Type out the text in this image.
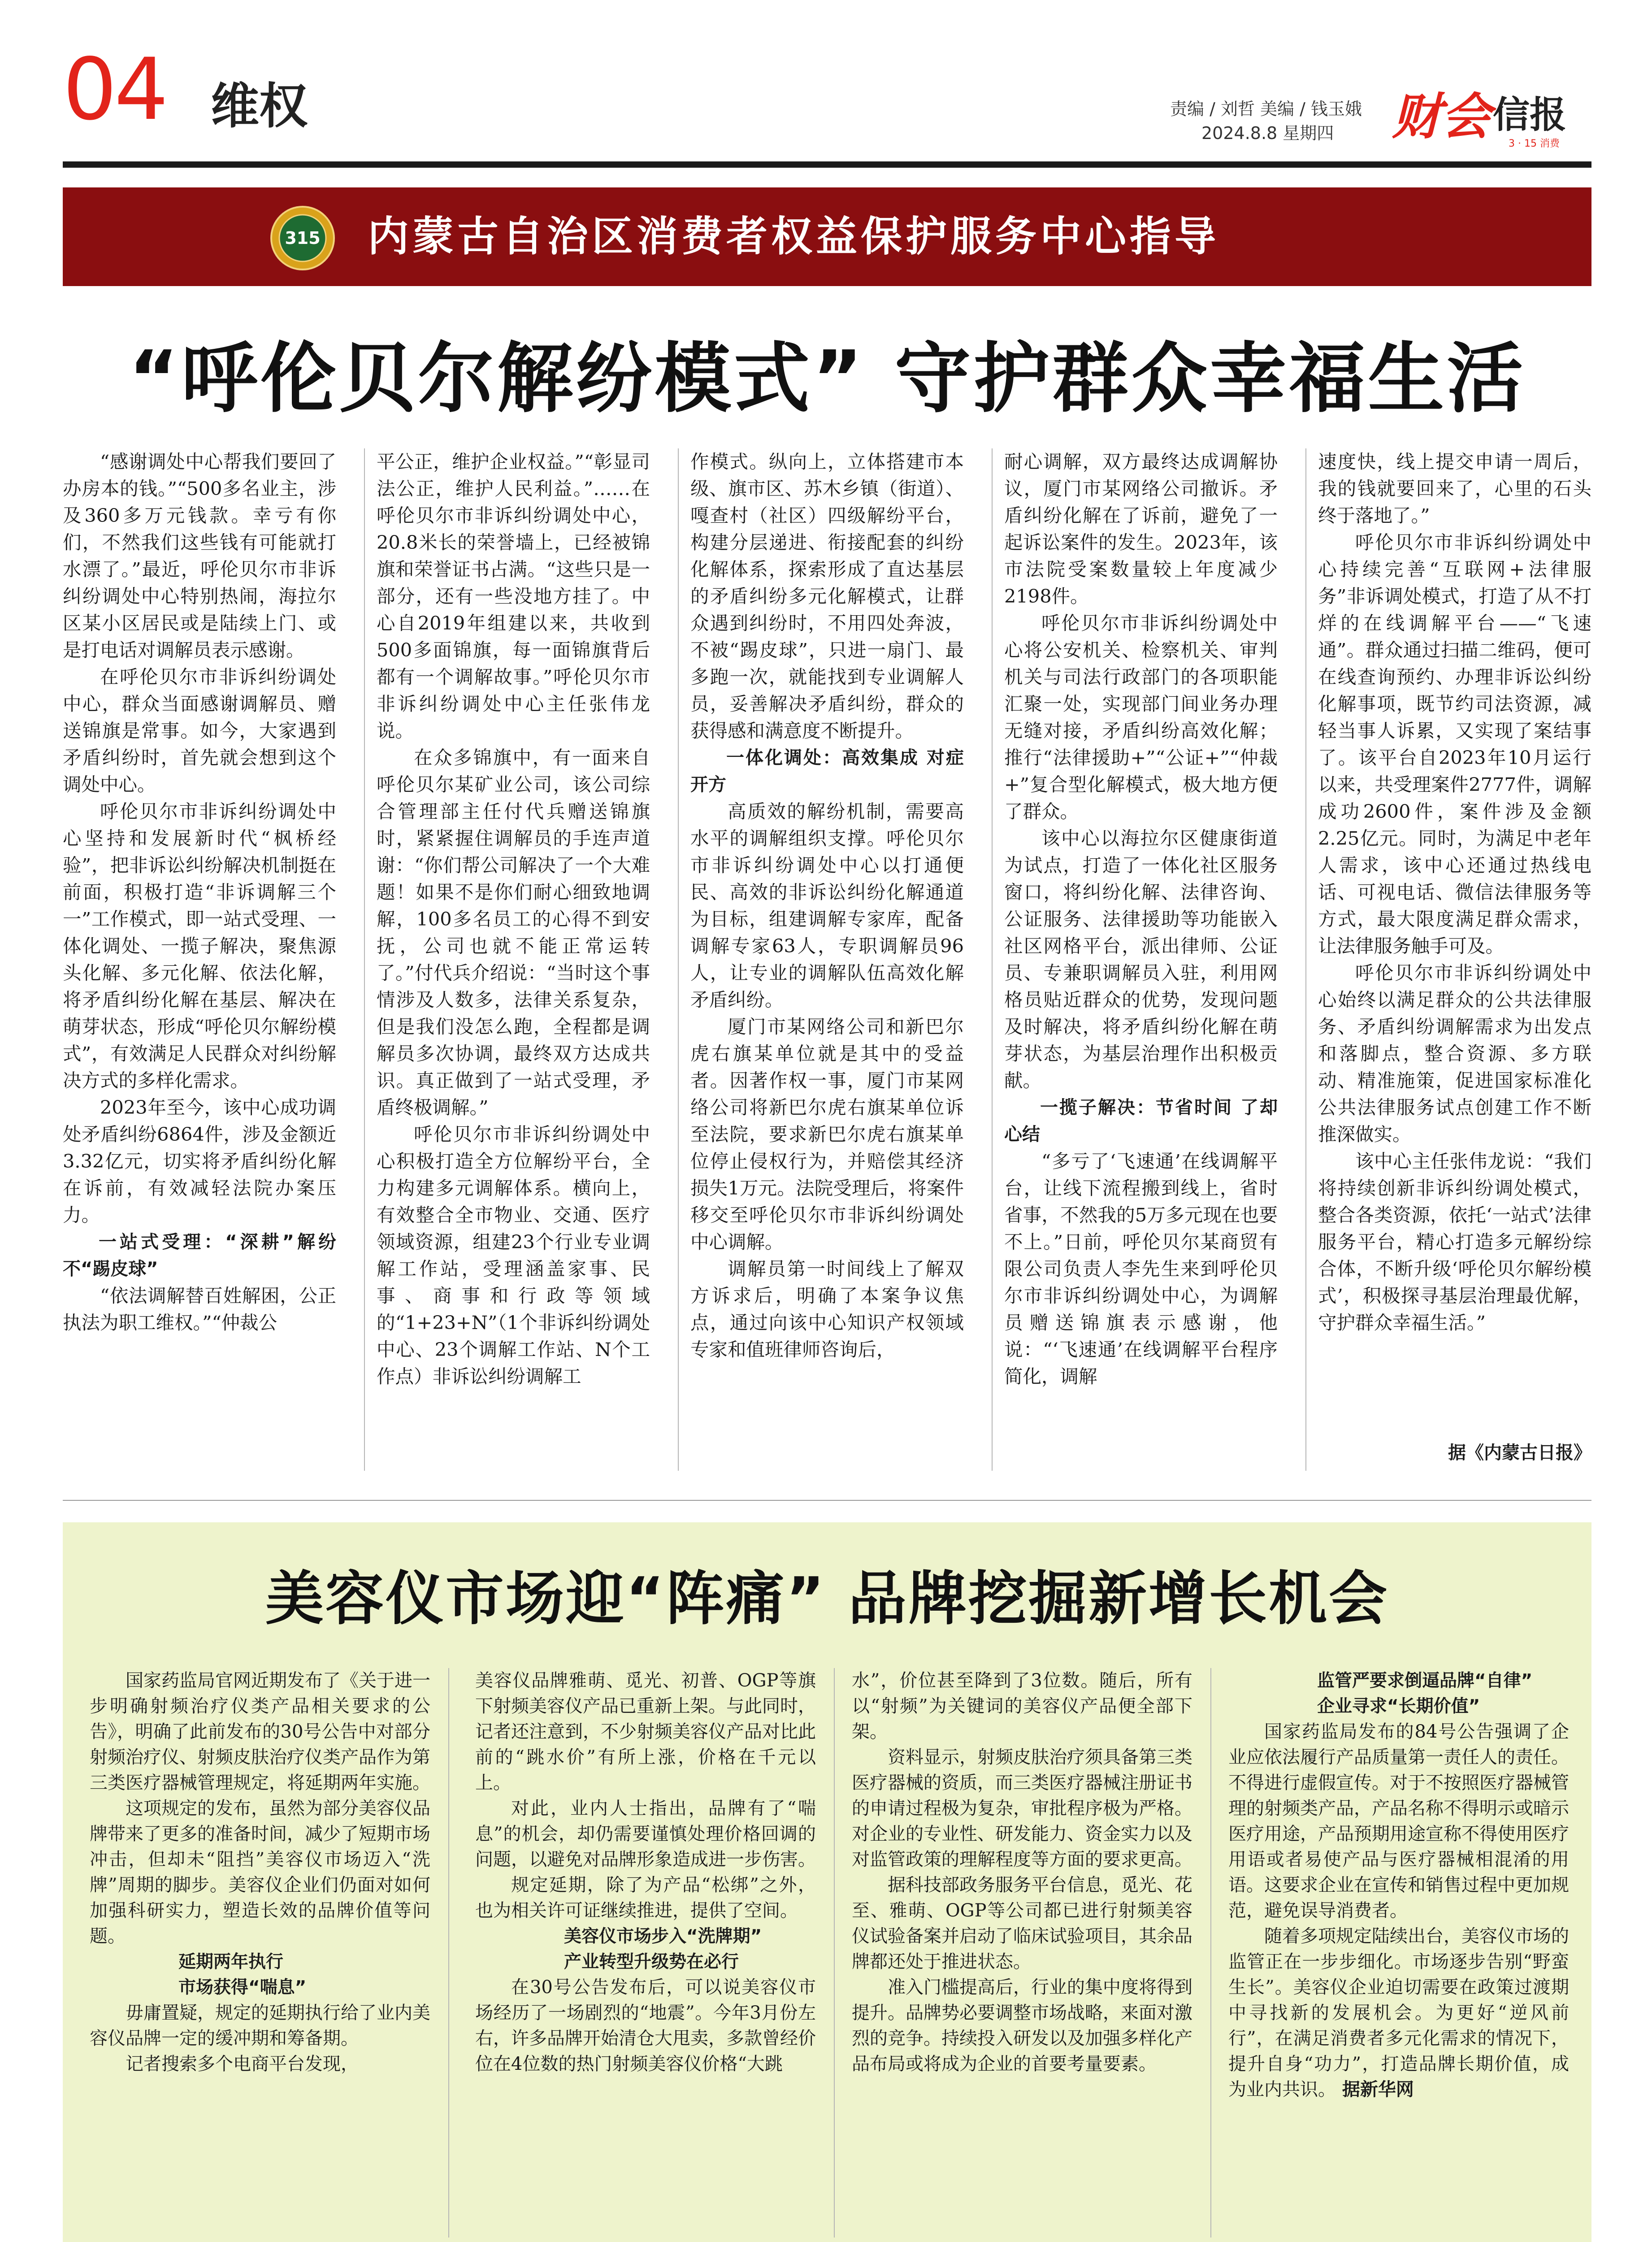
04 维权	责编 / 刘哲 美编 / 钱玉娥
2024.8.8 星期四 财会 信报
3 · 15 消费
315 内蒙古自治区消费者权益保护服务中心指导
“呼伦贝尔解纷模式” 守护群众幸福生活

“感谢调处中心帮我们要回了办房本的钱。”“500多名业主，涉及360多万元钱款。幸亏有你们，不然我们这些钱有可能就打水漂了。”最近，呼伦贝尔市非诉纠纷调处中心特别热闹，海拉尔区某小区居民或是陆续上门、或是打电话对调解员表示感谢。

在呼伦贝尔市非诉纠纷调处中心，群众当面感谢调解员、赠送锦旗是常事。如今，大家遇到矛盾纠纷时，首先就会想到这个调处中心。

呼伦贝尔市非诉纠纷调处中心坚持和发展新时代“枫桥经验”，把非诉讼纠纷解决机制挺在前面，积极打造“非诉调解三个一”工作模式，即一站式受理、一体化调处、一揽子解决，聚焦源头化解、多元化解、依法化解，将矛盾纠纷化解在基层、解决在萌芽状态，形成“呼伦贝尔解纷模式”，有效满足人民群众对纠纷解决方式的多样化需求。

2023年至今，该中心成功调处矛盾纠纷6864件，涉及金额近3.32亿元，切实将矛盾纠纷化解在诉前，有效减轻法院办案压力。

一站式受理：“深耕”解纷不“踢皮球”

“依法调解替百姓解困，公正执法为职工维权。”“仲裁公

平公正，维护企业权益。”“彰显司法公正，维护人民利益。”……在呼伦贝尔市非诉纠纷调处中心，20.8米长的荣誉墙上，已经被锦旗和荣誉证书占满。“这些只是一部分，还有一些没地方挂了。中心自2019年组建以来，共收到500多面锦旗，每一面锦旗背后都有一个调解故事。”呼伦贝尔市非诉纠纷调处中心主任张伟龙说。

在众多锦旗中，有一面来自呼伦贝尔某矿业公司，该公司综合管理部主任付代兵赠送锦旗时，紧紧握住调解员的手连声道谢：“你们帮公司解决了一个大难题！如果不是你们耐心细致地调解，100多名员工的心得不到安抚，公司也就不能正常运转了。”付代兵介绍说：“当时这个事情涉及人数多，法律关系复杂，但是我们没怎么跑，全程都是调解员多次协调，最终双方达成共识。真正做到了一站式受理，矛盾终极调解。”

呼伦贝尔市非诉纠纷调处中心积极打造全方位解纷平台，全力构建多元调解体系。横向上，有效整合全市物业、交通、医疗领域资源，组建23个行业专业调解工作站，受理涵盖家事、民事、商事和行政等领域的“1+23+N”（1个非诉纠纷调处中心、23个调解工作站、N个工作点）非诉讼纠纷调解工

作模式。纵向上，立体搭建市本级、旗市区、苏木乡镇（街道）、嘎查村（社区）四级解纷平台，构建分层递进、衔接配套的纠纷化解体系，探索形成了直达基层的矛盾纠纷多元化解模式，让群众遇到纠纷时，不用四处奔波，不被“踢皮球”，只进一扇门、最多跑一次，就能找到专业调解人员，妥善解决矛盾纠纷，群众的获得感和满意度不断提升。

一体化调处：高效集成 对症开方

高质效的解纷机制，需要高水平的调解组织支撑。呼伦贝尔市非诉纠纷调处中心以打通便民、高效的非诉讼纠纷化解通道为目标，组建调解专家库，配备调解专家63人，专职调解员96人，让专业的调解队伍高效化解矛盾纠纷。

厦门市某网络公司和新巴尔虎右旗某单位就是其中的受益者。因著作权一事，厦门市某网络公司将新巴尔虎右旗某单位诉至法院，要求新巴尔虎右旗某单位停止侵权行为，并赔偿其经济损失1万元。法院受理后，将案件移交至呼伦贝尔市非诉纠纷调处中心调解。

调解员第一时间线上了解双方诉求后，明确了本案争议焦点，通过向该中心知识产权领域专家和值班律师咨询后，

耐心调解，双方最终达成调解协议，厦门市某网络公司撤诉。矛盾纠纷化解在了诉前，避免了一起诉讼案件的发生。2023年，该市法院受案数量较上年度减少2198件。

呼伦贝尔市非诉纠纷调处中心将公安机关、检察机关、审判机关与司法行政部门的各项职能汇聚一处，实现部门间业务办理无缝对接，矛盾纠纷高效化解；推行“法律援助+”“公证+”“仲裁+”复合型化解模式，极大地方便了群众。

该中心以海拉尔区健康街道为试点，打造了一体化社区服务窗口，将纠纷化解、法律咨询、公证服务、法律援助等功能嵌入社区网格平台，派出律师、公证员、专兼职调解员入驻，利用网格员贴近群众的优势，发现问题及时解决，将矛盾纠纷化解在萌芽状态，为基层治理作出积极贡献。

一揽子解决：节省时间 了却心结

“多亏了‘飞速通’在线调解平台，让线下流程搬到线上，省时省事，不然我的5万多元现在也要不上。”日前，呼伦贝尔某商贸有限公司负责人李先生来到呼伦贝尔市非诉纠纷调处中心，为调解员赠送锦旗表示感谢，他说：“‘飞速通’在线调解平台程序简化，调解

速度快，线上提交申请一周后，我的钱就要回来了，心里的石头终于落地了。”

呼伦贝尔市非诉纠纷调处中心持续完善“互联网+法律服务”非诉调处模式，打造了从不打烊的在线调解平台——“飞速通”。群众通过扫描二维码，便可在线查询预约、办理非诉讼纠纷化解事项，既节约司法资源，减轻当事人诉累，又实现了案结事了。该平台自2023年10月运行以来，共受理案件2777件，调解成功2600件，案件涉及金额2.25亿元。同时，为满足中老年人需求，该中心还通过热线电话、可视电话、微信法律服务等方式，最大限度满足群众需求，让法律服务触手可及。

呼伦贝尔市非诉纠纷调处中心始终以满足群众的公共法律服务、矛盾纠纷调解需求为出发点和落脚点，整合资源、多方联动、精准施策，促进国家标准化公共法律服务试点创建工作不断推深做实。

该中心主任张伟龙说：“我们将持续创新非诉纠纷调处模式，整合各类资源，依托‘一站式’法律服务平台，精心打造多元解纷综合体，不断升级‘呼伦贝尔解纷模式’，积极探寻基层治理最优解，守护群众幸福生活。”

据《内蒙古日报》
美容仪市场迎“阵痛” 品牌挖掘新增长机会

国家药监局官网近期发布了《关于进一步明确射频治疗仪类产品相关要求的公告》，明确了此前发布的30号公告中对部分射频治疗仪、射频皮肤治疗仪类产品作为第三类医疗器械管理规定，将延期两年实施。

这项规定的发布，虽然为部分美容仪品牌带来了更多的准备时间，减少了短期市场冲击，但却未“阻挡”美容仪市场迈入“洗牌”周期的脚步。美容仪企业们仍面对如何加强科研实力，塑造长效的品牌价值等问题。

延期两年执行

市场获得“喘息”

毋庸置疑，规定的延期执行给了业内美容仪品牌一定的缓冲期和筹备期。

记者搜索多个电商平台发现，

美容仪品牌雅萌、觅光、初普、OGP等旗下射频美容仪产品已重新上架。与此同时，记者还注意到，不少射频美容仪产品对比此前的“跳水价”有所上涨，价格在千元以上。

对此，业内人士指出，品牌有了“喘息”的机会，却仍需要谨慎处理价格回调的问题，以避免对品牌形象造成进一步伤害。

规定延期，除了为产品“松绑”之外，也为相关许可证继续推进，提供了空间。

美容仪市场步入“洗牌期”

产业转型升级势在必行

在30号公告发布后，可以说美容仪市场经历了一场剧烈的“地震”。今年3月份左右，许多品牌开始清仓大甩卖，多款曾经价位在4位数的热门射频美容仪价格“大跳

水”，价位甚至降到了3位数。随后，所有以“射频”为关键词的美容仪产品便全部下架。

资料显示，射频皮肤治疗须具备第三类医疗器械的资质，而三类医疗器械注册证书的申请过程极为复杂，审批程序极为严格。对企业的专业性、研发能力、资金实力以及对监管政策的理解程度等方面的要求更高。

据科技部政务服务平台信息，觅光、花至、雅萌、OGP等公司都已进行射频美容仪试验备案并启动了临床试验项目，其余品牌都还处于推进状态。

准入门槛提高后，行业的集中度将得到提升。品牌势必要调整市场战略，来面对激烈的竞争。持续投入研发以及加强多样化产品布局或将成为企业的首要考量要素。

监管严要求倒逼品牌“自律”

企业寻求“长期价值”

国家药监局发布的84号公告强调了企业应依法履行产品质量第一责任人的责任。不得进行虚假宣传。对于不按照医疗器械管理的射频类产品，产品名称不得明示或暗示医疗用途，产品预期用途宣称不得使用医疗用语或者易使产品与医疗器械相混淆的用语。这要求企业在宣传和销售过程中更加规范，避免误导消费者。

随着多项规定陆续出台，美容仪市场的监管正在一步步细化。市场逐步告别“野蛮生长”。美容仪企业迫切需要在政策过渡期中寻找新的发展机会。为更好“逆风前行”，在满足消费者多元化需求的情况下，提升自身“功力”，打造品牌长期价值，成为业内共识。 据新华网
